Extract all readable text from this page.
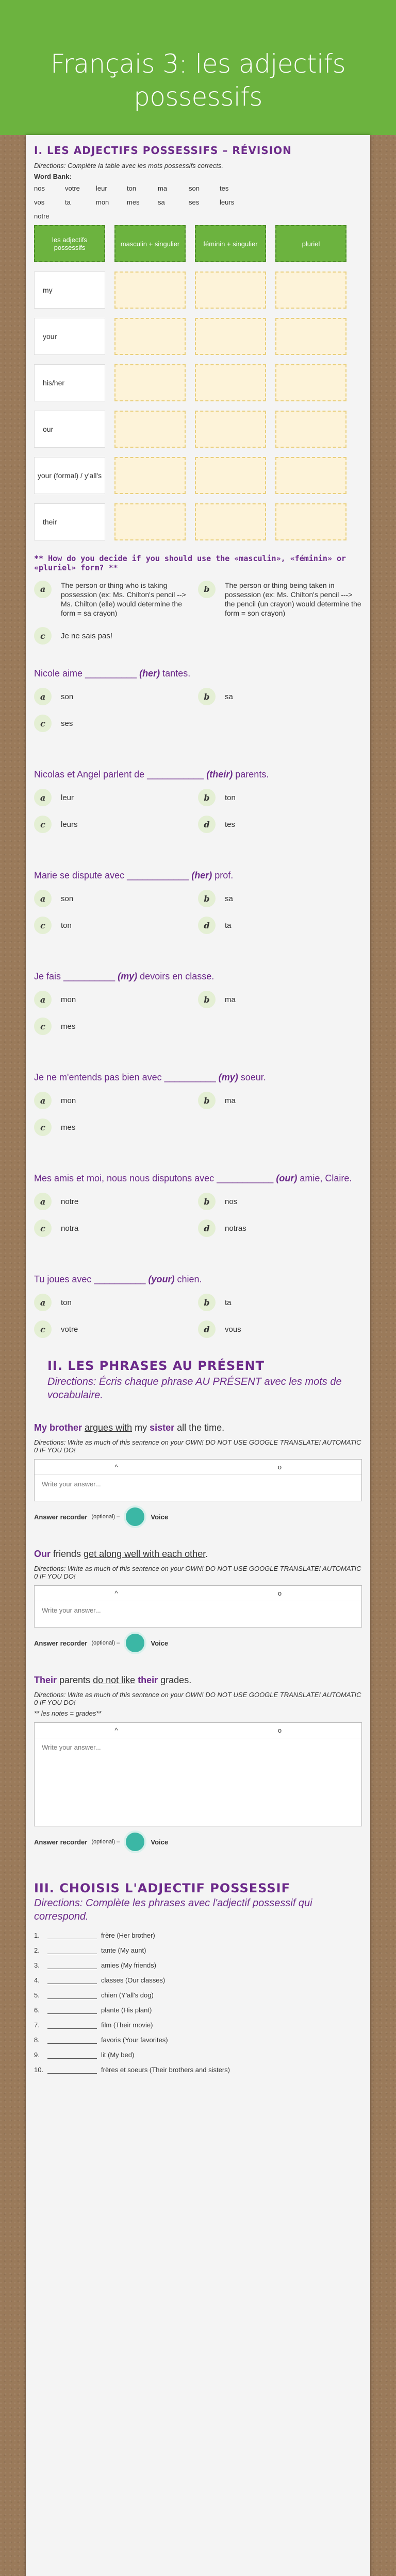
Français 3: les adjectifs possessifs
I. LES ADJECTIFS POSSESSIFS – RÉVISION
Directions: Complète la table avec les mots possessifs corrects.
Word Bank:
nos	votre	leur	ton	ma	son	tes
vos	ta	mon	mes	sa	ses	leurs
notre
les adjectifs possessifs	masculin + singulier	féminin + singulier	pluriel
my
your
his/her
our
your (formal) / y'all's
their
** How do you decide if you should use the «masculin», «féminin» or «pluriel» form? **
a	The person or thing who is taking possession (ex: Ms. Chilton's pencil --> Ms. Chilton (elle) would determine the form = sa crayon)
b	The person or thing being taken in possession (ex: Ms. Chilton's pencil ---> the pencil (un crayon) would determine the form = son crayon)
c	Je ne sais pas!
Nicole aime __________ (her) tantes.
a	son	b	sa
c	ses
Nicolas et Angel parlent de ___________ (their) parents.
a	leur	b	ton
c	leurs	d	tes
Marie se dispute avec ____________ (her) prof.
a	son	b	sa
c	ton	d	ta
Je fais __________ (my) devoirs en classe.
a	mon	b	ma
c	mes
Je ne m'entends pas bien avec __________ (my) soeur.
a	mon	b	ma
c	mes
Mes amis et moi, nous nous disputons avec ___________ (our) amie, Claire.
a	notre	b	nos
c	notra	d	notras
Tu joues avec __________ (your) chien.
a	ton	b	ta
c	votre	d	vous
II. LES PHRASES AU PRÉSENT
Directions: Écris chaque phrase AU PRÉSENT avec les mots de vocabulaire.
My brother argues with my sister all the time.
Directions: Write as much of this sentence on your OWN! DO NOT USE GOOGLE TRANSLATE! AUTOMATIC 0 IF YOU DO!
^	o
Write your answer...
Answer recorder (optional) –	Voice
Our friends get along well with each other.
Directions: Write as much of this sentence on your OWN! DO NOT USE GOOGLE TRANSLATE! AUTOMATIC 0 IF YOU DO!
^	o
Write your answer...
Answer recorder (optional) –	Voice
Their parents do not like their grades.
Directions: Write as much of this sentence on your OWN! DO NOT USE GOOGLE TRANSLATE! AUTOMATIC 0 IF YOU DO!
** les notes = grades**
^	o
Write your answer...
Answer recorder (optional) –	Voice
III. CHOISIS L'ADJECTIF POSSESSIF
Directions: Complète les phrases avec l'adjectif possessif qui correspond.
1.	frère (Her brother)
2.	tante (My aunt)
3.	amies (My friends)
4.	classes (Our classes)
5.	chien (Y'all's dog)
6.	plante (His plant)
7.	film (Their movie)
8.	favoris (Your favorites)
9.	lit (My bed)
10.	frères et soeurs (Their brothers and sisters)
